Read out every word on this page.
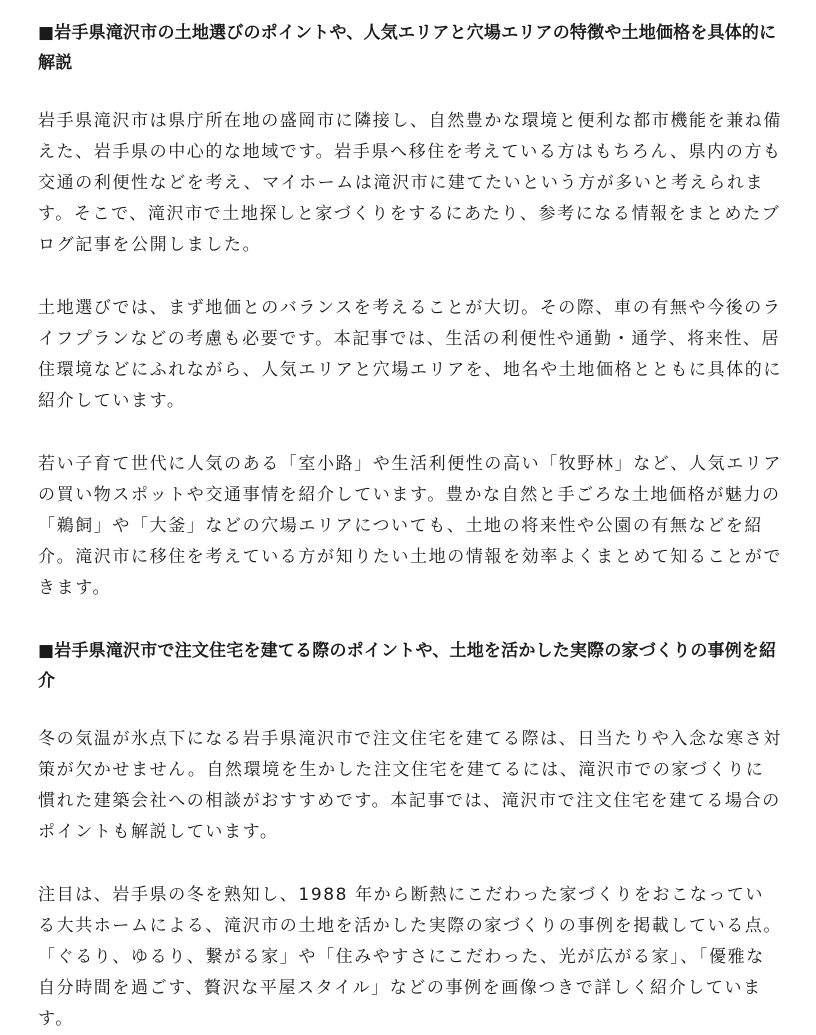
■岩手県滝沢市の土地選びのポイントや、人気エリアと穴場エリアの特徴や土地価格を具体的に解説

岩手県滝沢市は県庁所在地の盛岡市に隣接し、自然豊かな環境と便利な都市機能を兼ね備えた、岩手県の中心的な地域です。岩手県へ移住を考えている方はもちろん、県内の方も交通の利便性などを考え、マイホームは滝沢市に建てたいという方が多いと考えられます。そこで、滝沢市で土地探しと家づくりをするにあたり、参考になる情報をまとめたブログ記事を公開しました。

土地選びでは、まず地価とのバランスを考えることが大切。その際、車の有無や今後のライフプランなどの考慮も必要です。本記事では、生活の利便性や通勤・通学、将来性、居住環境などにふれながら、人気エリアと穴場エリアを、地名や土地価格とともに具体的に紹介しています。

若い子育て世代に人気のある「室小路」や生活利便性の高い「牧野林」など、人気エリアの買い物スポットや交通事情を紹介しています。豊かな自然と手ごろな土地価格が魅力の「鵜飼」や「大釜」などの穴場エリアについても、土地の将来性や公園の有無などを紹介。滝沢市に移住を考えている方が知りたい土地の情報を効率よくまとめて知ることができます。

■岩手県滝沢市で注文住宅を建てる際のポイントや、土地を活かした実際の家づくりの事例を紹介

冬の気温が氷点下になる岩手県滝沢市で注文住宅を建てる際は、日当たりや入念な寒さ対策が欠かせません。自然環境を生かした注文住宅を建てるには、滝沢市での家づくりに慣れた建築会社への相談がおすすめです。本記事では、滝沢市で注文住宅を建てる場合のポイントも解説しています。

注目は、岩手県の冬を熟知し、1988 年から断熱にこだわった家づくりをおこなっている大共ホームによる、滝沢市の土地を活かした実際の家づくりの事例を掲載している点。「ぐるり、ゆるり、繋がる家」や「住みやすさにこだわった、光が広がる家」、「優雅な自分時間を過ごす、贅沢な平屋スタイル」などの事例を画像つきで詳しく紹介しています。
